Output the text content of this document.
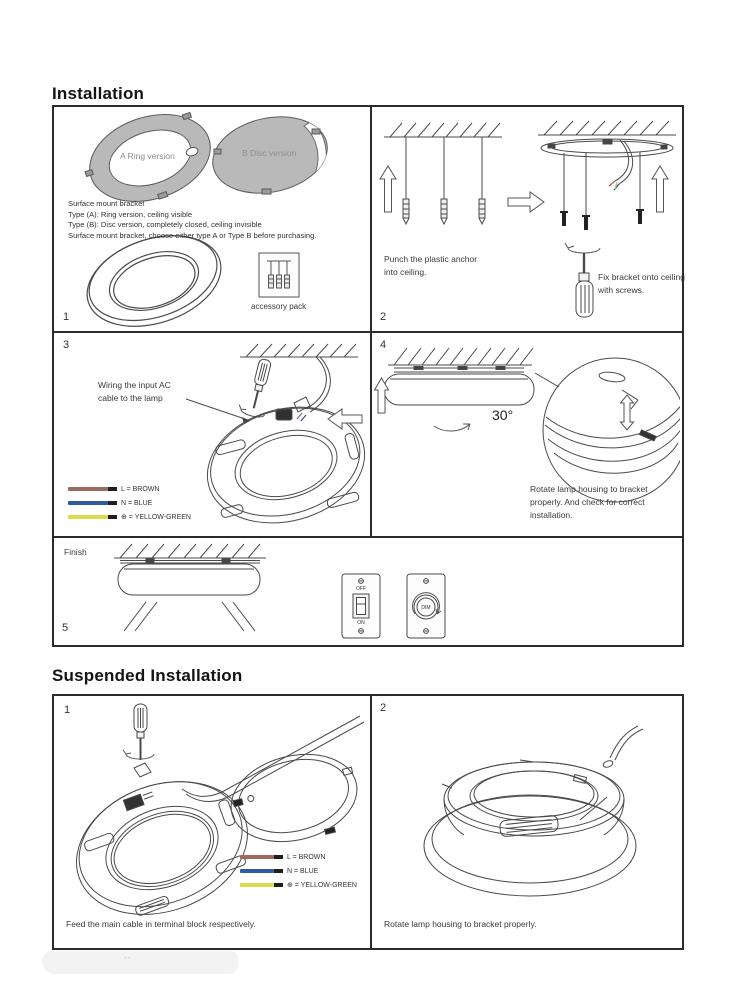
Installation
A Ring version	B Disc version
Surface mount bracket
Type (A): Ring version, ceiling visible
Type (B): Disc version, completely closed, ceiling invisible
Surface mount bracket, choose either type A or Type B before purchasing.
accessory pack
1
Punch the plastic anchor
into ceiling.	Fix bracket onto ceiling
with screws.
2
3
Wiring the input AC
cable to the lamp
L = BROWN
N = BLUE
⊕ = YELLOW-GREEN
4
30°
Rotate lamp housing to bracket
properly. And check for correct
installation.
Finish
OFF
ON
DIM
5
Suspended Installation
1
L = BROWN
N = BLUE
⊕ = YELLOW-GREEN
Feed the main cable in terminal block respectively.
2
Rotate lamp housing to bracket properly.
··
